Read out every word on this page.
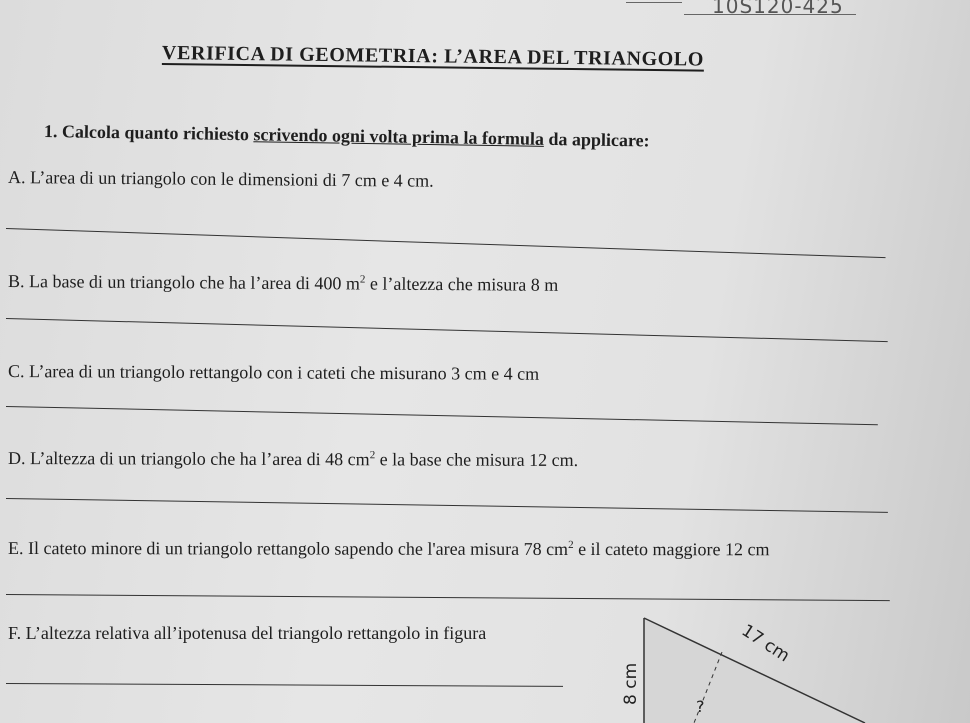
10S120-425
VERIFICA DI GEOMETRIA: L’AREA DEL TRIANGOLO
1. Calcola quanto richiesto scrivendo ogni volta prima la formula da applicare:
A. L’area di un triangolo con le dimensioni di 7 cm e 4 cm.
B. La base di un triangolo che ha l’area di 400 $m^2$ e l’altezza che misura 8 m
C. L’area di un triangolo rettangolo con i cateti che misurano 3 cm e 4 cm
D. L’altezza di un triangolo che ha l’area di 48 $cm^2$ e la base che misura 12 cm.
E. Il cateto minore di un triangolo rettangolo sapendo che l'area misura 78 $cm^2$ e il cateto maggiore 12 cm
F. L’altezza relativa all’ipotenusa del triangolo rettangolo in figura	17 cm
8 cm
?
